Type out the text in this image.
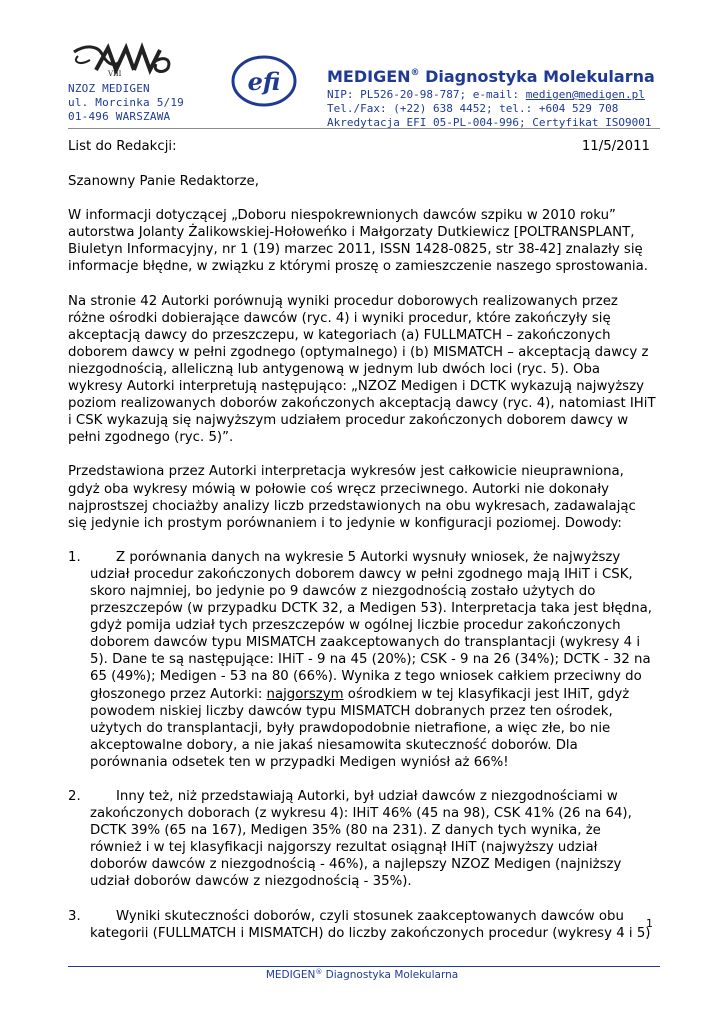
VIII	efi
NZOZ MEDIGEN
ul. Morcinka 5/19
01-496 WARSZAWA
MEDIGEN® Diagnostyka Molekularna
NIP: PL526-20-98-787; e-mail: medigen@medigen.pl
Tel./Fax: (+22) 638 4452; tel.: +604 529 708
Akredytacja EFI 05-PL-004-996; Certyfikat ISO9001
List do Redakcji:	11/5/2011

Szanowny Panie Redaktorze,

W informacji dotyczącej „Doboru niespokrewnionych dawców szpiku w 2010 roku” autorstwa Jolanty Żalikowskiej-Hołoweńko i Małgorzaty Dutkiewicz [POLTRANSPLANT, Biuletyn Informacyjny, nr 1 (19) marzec 2011, ISSN 1428-0825, str 38-42] znalazły się informacje błędne, w związku z którymi proszę o zamieszczenie naszego sprostowania.

Na stronie 42 Autorki porównują wyniki procedur doborowych realizowanych przez różne ośrodki dobierające dawców (ryc. 4) i wyniki procedur, które zakończyły się akceptacją dawcy do przeszczepu, w kategoriach (a) FULLMATCH – zakończonych doborem dawcy w pełni zgodnego (optymalnego) i (b) MISMATCH – akceptacją dawcy z niezgodnością, alleliczną lub antygenową w jednym lub dwóch loci (ryc. 5). Oba wykresy Autorki interpretują następująco: „NZOZ Medigen i DCTK wykazują najwyższy poziom realizowanych doborów zakończonych akceptacją dawcy (ryc. 4), natomiast IHiT i CSK wykazują się najwyższym udziałem procedur zakończonych doborem dawcy w pełni zgodnego (ryc. 5)”.

Przedstawiona przez Autorki interpretacja wykresów jest całkowicie nieuprawniona, gdyż oba wykresy mówią w połowie coś wręcz przeciwnego. Autorki nie dokonały najprostszej chociażby analizy liczb przedstawionych na obu wykresach, zadawalając się jedynie ich prostym porównaniem i to jedynie w konfiguracji poziomej. Dowody:

1.	Z porównania danych na wykresie 5 Autorki wysnuły wniosek, że najwyższy udział procedur zakończonych doborem dawcy w pełni zgodnego mają IHiT i CSK, skoro najmniej, bo jedynie po 9 dawców z niezgodnością zostało użytych do przeszczepów (w przypadku DCTK 32, a Medigen 53). Interpretacja taka jest błędna, gdyż pomija udział tych przeszczepów w ogólnej liczbie procedur zakończonych doborem dawców typu MISMATCH zaakceptowanych do transplantacji (wykresy 4 i 5). Dane te są następujące: IHiT - 9 na 45 (20%); CSK - 9 na 26 (34%); DCTK - 32 na 65 (49%); Medigen - 53 na 80 (66%). Wynika z tego wniosek całkiem przeciwny do głoszonego przez Autorki: najgorszym ośrodkiem w tej klasyfikacji jest IHiT, gdyż powodem niskiej liczby dawców typu MISMATCH dobranych przez ten ośrodek, użytych do transplantacji, były prawdopodobnie nietrafione, a więc złe, bo nie akceptowalne dobory, a nie jakaś niesamowita skuteczność doborów. Dla porównania odsetek ten w przypadki Medigen wyniósł aż 66%!
2.	Inny też, niż przedstawiają Autorki, był udział dawców z niezgodnościami w zakończonych doborach (z wykresu 4): IHiT 46% (45 na 98), CSK 41% (26 na 64), DCTK 39% (65 na 167), Medigen 35% (80 na 231). Z danych tych wynika, że również i w tej klasyfikacji najgorszy rezultat osiągnął IHiT (najwyższy udział doborów dawców z niezgodnością - 46%), a najlepszy NZOZ Medigen (najniższy udział doborów dawców z niezgodnością - 35%).
3.	Wyniki skuteczności doborów, czyli stosunek zaakceptowanych dawców obu kategorii (FULLMATCH i MISMATCH) do liczby zakończonych procedur (wykresy 4 i 5)
1
MEDIGEN® Diagnostyka Molekularna
